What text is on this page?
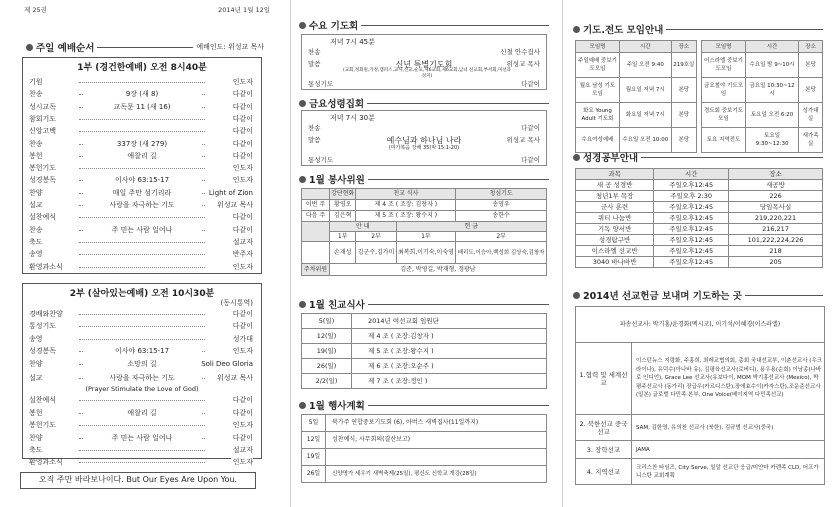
제 25권	2014년 1월 12일
주일 예배순서	예배인도: 위성교 목사
1부 (경건한예배) 오전 8시40분
기원	인도자
찬송	9장 (새 8)	다같이
성시교독	교독문 11 (새 16)	다같이
참회기도	다같이
신앙고백	다같이
찬송	337장 (새 279)	다같이
봉헌	애찰리 길	다같이
봉헌기도	인도자
성경봉독	이사야 63:15-17	인도자
찬양	매일 주만 섬기리라	Light of Zion
설교	사랑을 자극하는 기도	위성교 목사
설찬예식	다같이
찬송	주 믿는 사람 일어나	다같이
축도	설교자
송영	반주자
환영과소식	인도자
2부 (살아있는예배) 오전 10시30분
(동시통역)
경배와찬양	다같이
통성기도	다같이
송영	성가대
성경봉독	이사야 63:15-17	인도자
찬양	소망의 길	Soli Deo Gloria
설교	사랑을 자극하는 기도	위성교 목사
설찬예식	다같이
봉헌	애찰리 길	다같이
봉헌기도	인도자
찬양	주 믿는 사람 일어나	다같이
축도	설교자
환영과소식	인도자
(Prayer Stimulate the Love of God)
오직 주만 바라보나이다. But Our Eyes Are Upon You.
수요 기도회
저녁 7시 45분
찬송	신철 안수집사
말씀	신년 특별기도회	위성교 목사
(교회,정회원,가정,캠퍼스,교사,선교,순교,제6교회,제6교회,남녀 선교회,부서회,미션과성지)
통성기도	다같이
금요성령집회
저녁 7시 30분
찬송	다같이
말씀	예수님과 하나님 나라	위성교 목사
(마가복음 강해 35(막 15:1-20)
통성기도	다같이
1월 봉사위원
	강단현화	친교 식사		청심기도
이번 주	황영오	제 4 조 ( 조장: 김창자 )		송영우
다음 주	김은혁	제 5 조 ( 조장: 왕수지 )		송한수
	안 내		헌 금	
	1부	2부	1부	2부
	손재성	김군수,김가미	최복희,이기숙,이숙영	배리도,이승아,백성희 김상숙,김창자
주차위원	김준, 박영길, 박재형, 정광남			
1월 친교식사
5(일)	2014년 여선교회 임원단
12(일)	제 4 조 ( 조장:김창자 )
19(일)	제 5 조 ( 조장:왕수지 )
26(일)	제 6 조 ( 조장:오순주 )
2/2(일)	제 7 조 ( 조장:정인 )
1월 행사계획
5일	북가주 연합중보기도회 (6), 아버스 새벽집사(11일까지)
12일	성찬예식, 사무회의(결산보고)
19일	
26일	신양명가 세우기 새벽축제(25일), 평신도 신학교 개강(28일)
기도.전도 모임안내
모임명	시간	장소
주일예배 중보기도모임	주일 오전 9:40	219호실
월요 남성 기도 모임	월요일 저녁 7시	본당
화요 Young Adult 기도회	화요일 저녁 7시	본당
수요여성예배	수요일 오전 10:00	본당
모임명	시간	장소
어스라엘 중보기도모임	수요일 밤 9~10시	본당
금요철야 기도모임	금요일 10:30~12시	본당
경도회 중보기도모임	토요일 오전 6:20	성가대실
토요 지역전도	토요일 9:30~12:30	새가족실
성경공부안내
과목	시간	장소
새 공 성경반	주일오후12:45	새공방
청년1부 목장	주일오후 2:30	226
군사 훈련	주일오후12:45	당임목사실
쿼티 나눔반	주일오후12:45	219,220,221
기독 양서반	주일오후12:45	216,217
성경탐구반	주일오후12:45	101,222,224,226
이스라엘 선교반	주일오후12:45	218
3040 바나바반	주일오후12:45	205
2014년 선교헌금 보내며 기도하는 곳
파송선교사: 박기홍/윤경화(멕시코), 이기석/이혜경(이스라엘)	
1.협력 및 세계선교	이스턴뉴스 지령화, 주홍희, 최레교협의회, 총회 국내선교부, 이춘선교사 (우크라이나), 유덕수(아나바 유), 김평육선교사(로버디), 용우용(순회) 이남종(나바로 인디언), Grace Lee 선교사(유보다이, MOM 박기홍선교사 (Mexico), 박평주선교사 (동가리) 장급우(카르디스탄),장애효수이(카자스탄),조운준선교사(일본) 글로벌 다민족 본부, One Voice(베이지역 다민족선교)
2. 북한선교 중국선교	SAM, 김한영, 유의천 선교사 (북한), 김규범 선교사(중국)
3. 장학선교	JAMA
4. 지역선교	크리스찬 타임즈, City Serve, 일알 선교단 응급/미얀마 카렌족 CLD, 어프가니스탄 교회계획
